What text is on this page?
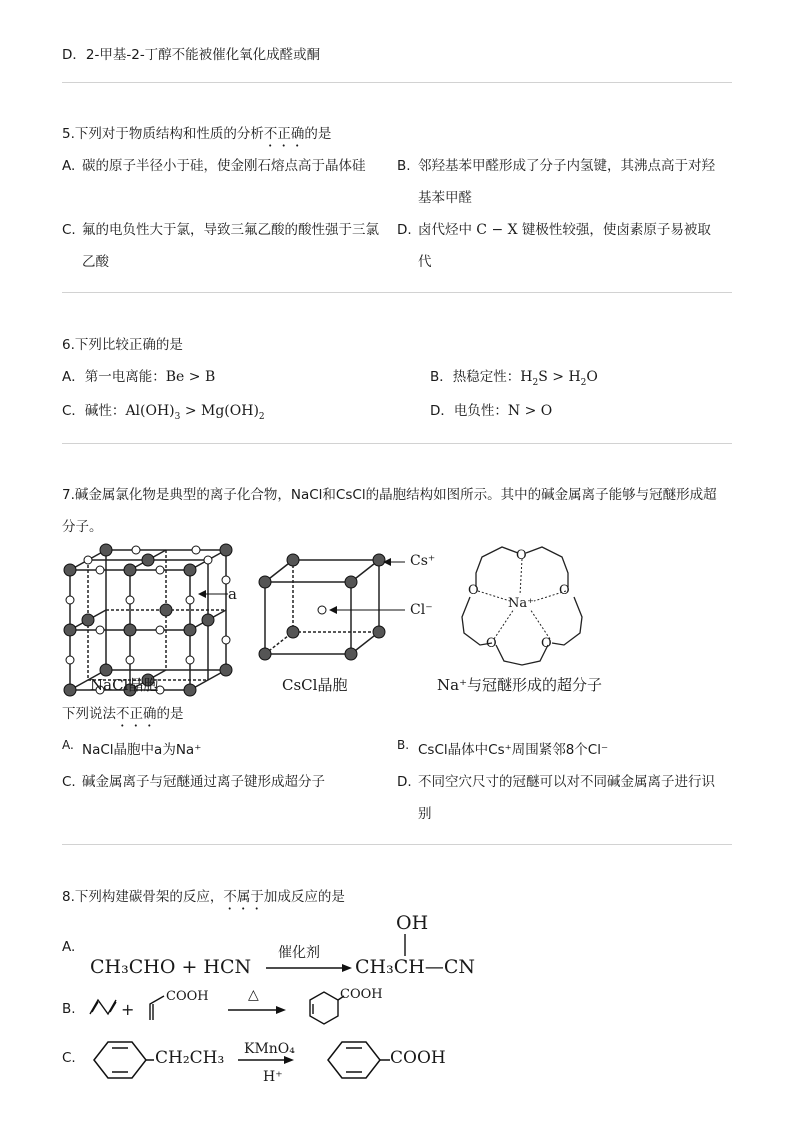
D．2-甲基-2-丁醇不能被催化氧化成醛或酮
5.下列对于物质结构和性质的分析不正确的是
A. 碳的原子半径小于硅，使金刚石熔点高于晶体硅 B. 邻羟基苯甲醛形成了分子内氢键，其沸点高于对羟
基苯甲醛
C. 氟的电负性大于氯，导致三氟乙酸的酸性强于三氯
乙酸
D. 卤代烃中 C − X 键极性较强，使卤素原子易被取
代
6.下列比较正确的是
A．第一电离能：Be > B	B．热稳定性：$H_2S > H_2O$
C．碱性：$Al(OH)_3 > Mg(OH)_2$	D．电负性：N > O
7.碱金属氯化物是典型的离子化合物，NaCl和CsCl的晶胞结构如图所示。其中的碱金属离子能够与冠醚形成超
分子。
a
NaCl晶胞
Cs⁺
Cl⁻
CsCl晶胞
O
O	O
O	O
Na⁺
Na⁺与冠醚形成的超分子
下列说法不正确的是
A. NaCl晶胞中a为Na⁺	B. CsCl晶体中Cs⁺周围紧邻8个Cl⁻
C. 碱金属离子与冠醚通过离子键形成超分子	D. 不同空穴尺寸的冠醚可以对不同碱金属离子进行识
别
8.下列构建碳骨架的反应，不属于加成反应的是
A.
CH₃CHO + HCN
催化剂
OH
CH₃CH—CN
B.	+
COOH	△	COOH
C.	CH₂CH₃ KMnO₄
H⁺
COOH
